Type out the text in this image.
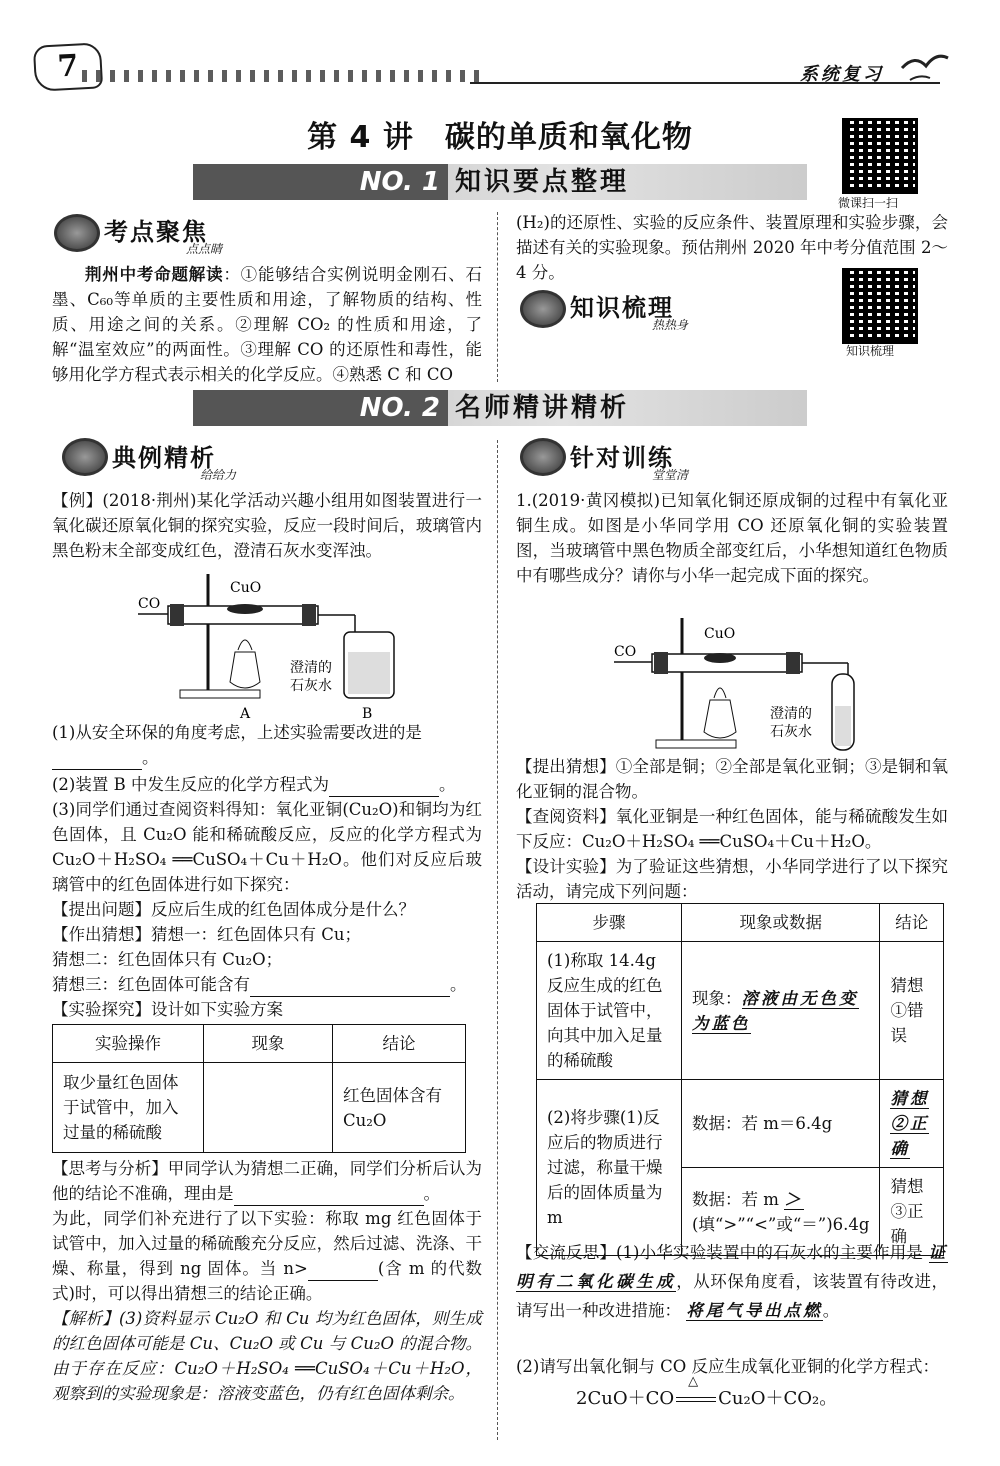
7	系统复习
第 4 讲　碳的单质和氧化物
微课扫一扫
NO. 1 知识要点整理
考点聚焦
点点睛
荆州中考命题解读：①能够结合实例说明金刚石、石墨、C₆₀等单质的主要性质和用途，了解物质的结构、性质、用途之间的关系。②理解 CO₂ 的性质和用途，了解“温室效应”的两面性。③理解 CO 的还原性和毒性，能够用化学方程式表示相关的化学反应。④熟悉 C 和 CO
(H₂)的还原性、实验的反应条件、装置原理和实验步骤，会描述有关的实验现象。预估荆州 2020 年中考分值范围 2～4 分。
知识梳理
热热身
知识梳理
NO. 2 名师精讲精析
典例精析
给给力
【例】(2018·荆州)某化学活动兴趣小组用如图装置进行一氧化碳还原氧化铜的探究实验，反应一段时间后，玻璃管内黑色粉末全部变成红色，澄清石灰水变浑浊。
CO
CuO
澄清的
石灰水
A	B
(1)从安全环保的角度考虑，上述实验需要改进的是
。
(2)装置 B 中发生反应的化学方程式为	。
(3)同学们通过查阅资料得知：氧化亚铜(Cu₂O)和铜均为红色固体，且 Cu₂O 能和稀硫酸反应，反应的化学方程式为 Cu₂O＋H₂SO₄ ══CuSO₄＋Cu＋H₂O。他们对反应后玻璃管中的红色固体进行如下探究：
【提出问题】反应后生成的红色固体成分是什么？
【作出猜想】猜想一：红色固体只有 Cu；
猜想二：红色固体只有 Cu₂O；
猜想三：红色固体可能含有	。
【实验探究】设计如下实验方案
实验操作	现象	结论
取少量红色固体于试管中，加入过量的稀硫酸		红色固体含有 Cu₂O
【思考与分析】甲同学认为猜想二正确，同学们分析后认为他的结论不准确，理由是	。
为此，同学们补充进行了以下实验：称取 mg 红色固体于试管中，加入过量的稀硫酸充分反应，然后过滤、洗涤、干燥、称量，得到 ng 固体。当 n>	(含 m 的代数式)时，可以得出猜想三的结论正确。
【解析】(3)资料显示 Cu₂O 和 Cu 均为红色固体，则生成的红色固体可能是 Cu、Cu₂O 或 Cu 与 Cu₂O 的混合物。由于存在反应：Cu₂O＋H₂SO₄ ══CuSO₄＋Cu＋H₂O，观察到的实验现象是：溶液变蓝色，仍有红色固体剩余。
针对训练
堂堂清
1.(2019·黄冈模拟)已知氧化铜还原成铜的过程中有氧化亚铜生成。如图是小华同学用 CO 还原氧化铜的实验装置图，当玻璃管中黑色物质全部变红后，小华想知道红色物质中有哪些成分？请你与小华一起完成下面的探究。
CO
CuO
澄清的
石灰水
【提出猜想】①全部是铜；②全部是氧化亚铜；③是铜和氧化亚铜的混合物。
【查阅资料】氧化亚铜是一种红色固体，能与稀硫酸发生如下反应：Cu₂O＋H₂SO₄ ══CuSO₄＋Cu＋H₂O。
【设计实验】为了验证这些猜想，小华同学进行了以下探究活动，请完成下列问题：
步骤	现象或数据	结论
(1)称取 14.4g 反应生成的红色固体于试管中，向其中加入足量的稀硫酸	现象：溶液由无色变为蓝色	猜想①错误
(2)将步骤(1)反应后的物质进行过滤，称量干燥后的固体质量为 m	数据：若 m＝6.4g	猜想②正确
	数据：若 m ＞(填“>”“<”或“＝”)6.4g	猜想③正确
【交流反思】(1)小华实验装置中的石灰水的主要作用是 证明有二氧化碳生成，从环保角度看，该装置有待改进，请写出一种改进措施： 将尾气导出点燃。
(2)请写出氧化铜与 CO 反应生成氧化亚铜的化学方程式：
2CuO＋CO
△
Cu₂O＋CO₂。
